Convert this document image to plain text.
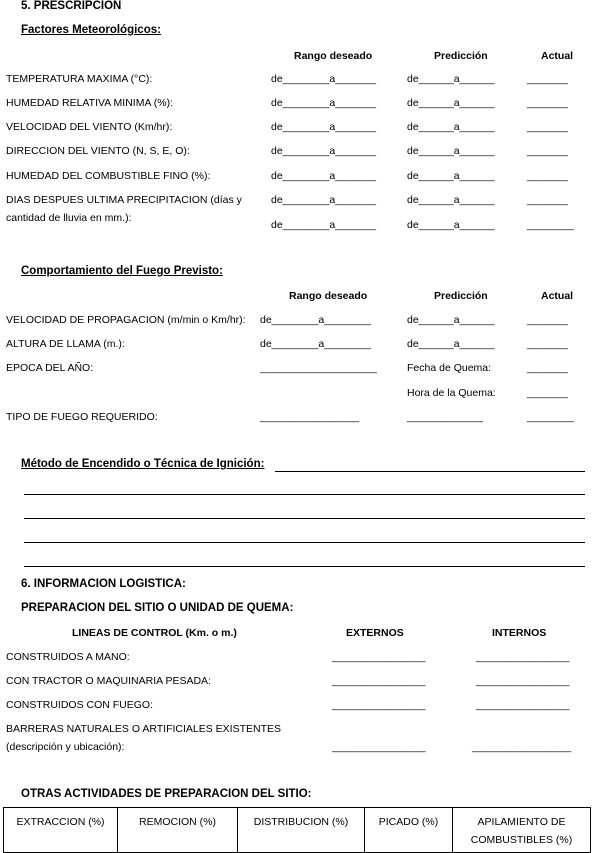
5. PRESCRIPCION
Factores Meteorológicos:
Rango deseado	Predicción	Actual
TEMPERATURA MAXIMA (°C):	de________a_______	de______a______	_______
HUMEDAD RELATIVA MINIMA (%):	de________a_______	de______a______	_______
VELOCIDAD DEL VIENTO (Km/hr):	de________a_______	de______a______	_______
DIRECCION DEL VIENTO (N, S, E, O):	de________a_______	de______a______	_______
HUMEDAD DEL COMBUSTIBLE FINO (%):	de________a_______	de______a______	_______
DIAS DESPUES ULTIMA PRECIPITACION (días y
cantidad de lluvia en mm.):
de________a_______	de______a______	_______
de________a_______	de______a______	________
Comportamiento del Fuego Previsto:
Rango deseado	Predicción	Actual
VELOCIDAD DE PROPAGACION (m/min o Km/hr): de________a________	de______a______	_______
ALTURA DE LLAMA (m.):	de________a________	de______a______	_______
EPOCA DEL AÑO:	____________________	Fecha de Quema:	_______
Hora de la Quema:	_______
TIPO DE FUEGO REQUERIDO:	_________________	_____________	________
Método de Encendido o Técnica de Ignición:
6. INFORMACION LOGISTICA:
PREPARACION DEL SITIO O UNIDAD DE QUEMA:
LINEAS DE CONTROL (Km. o m.)	EXTERNOS	INTERNOS
CONSTRUIDOS A MANO:	________________	________________
CON TRACTOR O MAQUINARIA PESADA:	________________	________________
CONSTRUIDOS CON FUEGO:	________________	________________
BARRERAS NATURALES O ARTIFICIALES EXISTENTES
(descripción y ubicación):	________________	_________________
OTRAS ACTIVIDADES DE PREPARACION DEL SITIO:
EXTRACCION (%)	REMOCION (%)	DISTRIBUCION (%)	PICADO (%)	APILAMIENTO DE COMBUSTIBLES (%)
